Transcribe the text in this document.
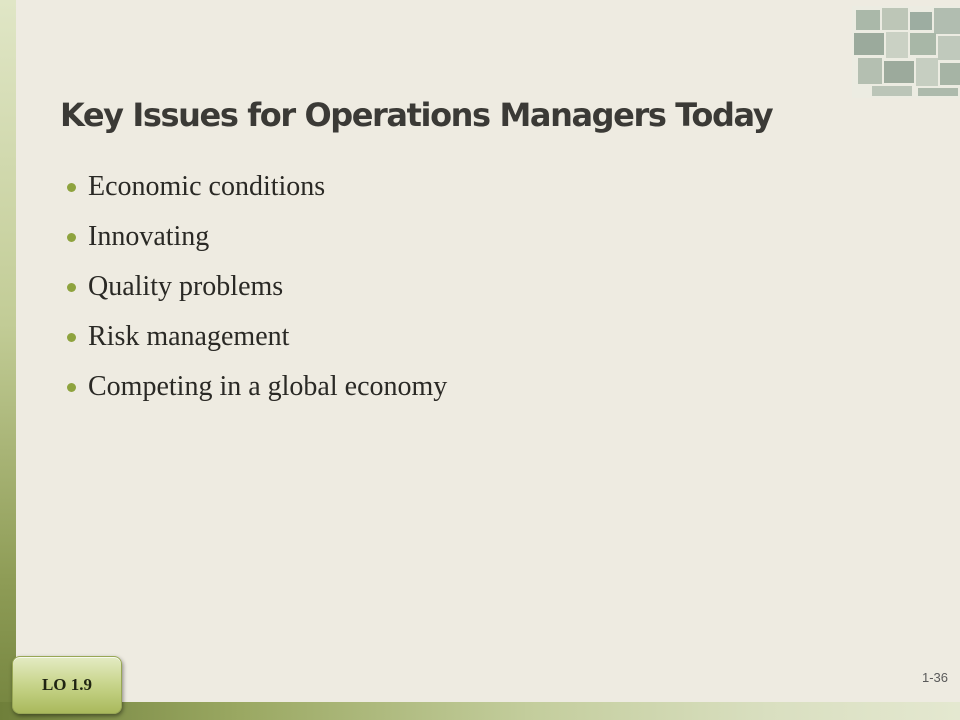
Key Issues for Operations Managers Today
Economic conditions
Innovating
Quality problems
Risk management
Competing in a global economy
1-36
LO 1.9
